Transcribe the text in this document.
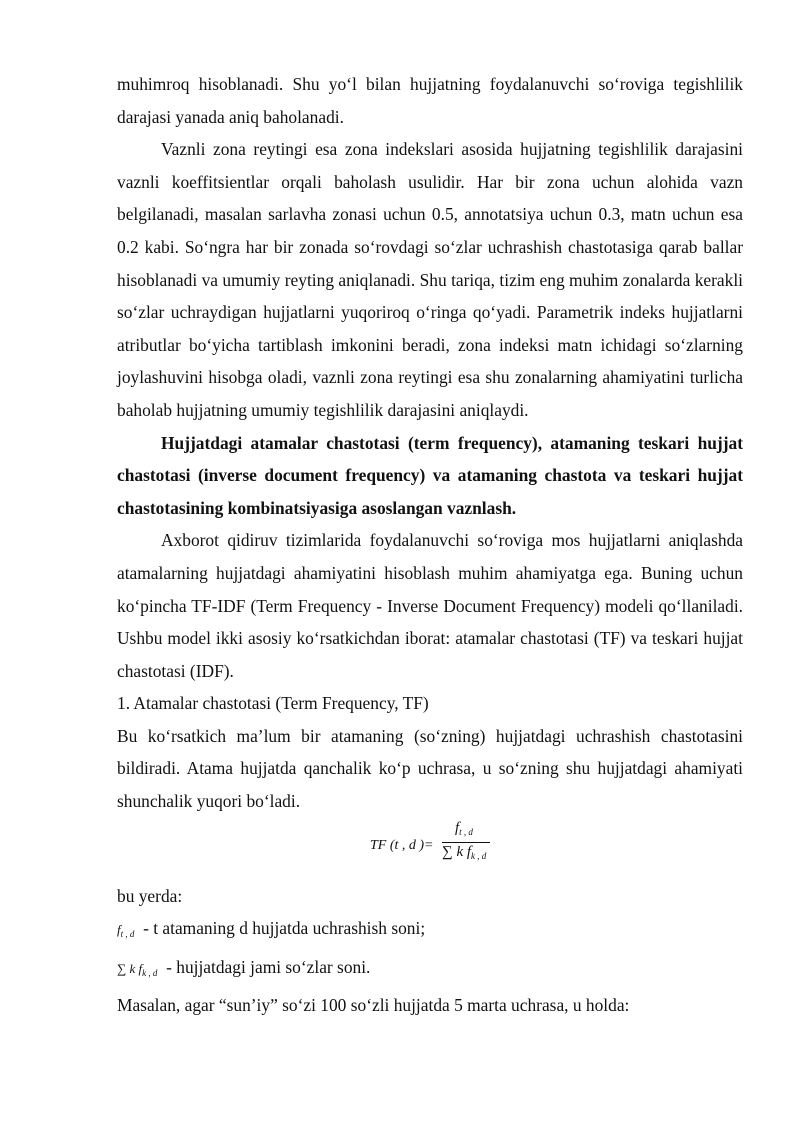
muhimroq hisoblanadi. Shu yo‘l bilan hujjatning foydalanuvchi so‘roviga tegishlilik darajasi yanada aniq baholanadi.

Vaznli zona reytingi esa zona indekslari asosida hujjatning tegishlilik darajasini vaznli koeffitsientlar orqali baholash usulidir. Har bir zona uchun alohida vazn belgilanadi, masalan sarlavha zonasi uchun 0.5, annotatsiya uchun 0.3, matn uchun esa 0.2 kabi. So‘ngra har bir zonada so‘rovdagi so‘zlar uchrashish chastotasiga qarab ballar hisoblanadi va umumiy reyting aniqlanadi. Shu tariqa, tizim eng muhim zonalarda kerakli so‘zlar uchraydigan hujjatlarni yuqoriroq o‘ringa qo‘yadi. Parametrik indeks hujjatlarni atributlar bo‘yicha tartiblash imkonini beradi, zona indeksi matn ichidagi so‘zlarning joylashuvini hisobga oladi, vaznli zona reytingi esa shu zonalarning ahamiyatini turlicha baholab hujjatning umumiy tegishlilik darajasini aniqlaydi.

Hujjatdagi atamalar chastotasi (term frequency), atamaning teskari hujjat chastotasi (inverse document frequency) va atamaning chastota va teskari hujjat chastotasining kombinatsiyasiga asoslangan vaznlash.

Axborot qidiruv tizimlarida foydalanuvchi so‘roviga mos hujjatlarni aniqlashda atamalarning hujjatdagi ahamiyatini hisoblash muhim ahamiyatga ega. Buning uchun ko‘pincha TF-IDF (Term Frequency - Inverse Document Frequency) modeli qo‘llaniladi. Ushbu model ikki asosiy ko‘rsatkichdan iborat: atamalar chastotasi (TF) va teskari hujjat chastotasi (IDF).

1. Atamalar chastotasi (Term Frequency, TF)

Bu ko‘rsatkich ma’lum bir atamaning (so‘zning) hujjatdagi uchrashish chastotasini bildiradi. Atama hujjatda qanchalik ko‘p uchrasa, u so‘zning shu hujjatdagi ahamiyati shunchalik yuqori bo‘ladi.

TF (t , d )=
$f_{t , d}$
∑ k $f_{k , d}$

bu yerda:

$f_{t , d}$ - t atamaning d hujjatda uchrashish soni;

∑ k $f_{k , d}$ - hujjatdagi jami so‘zlar soni.

Masalan, agar “sun’iy” so‘zi 100 so‘zli hujjatda 5 marta uchrasa, u holda:
